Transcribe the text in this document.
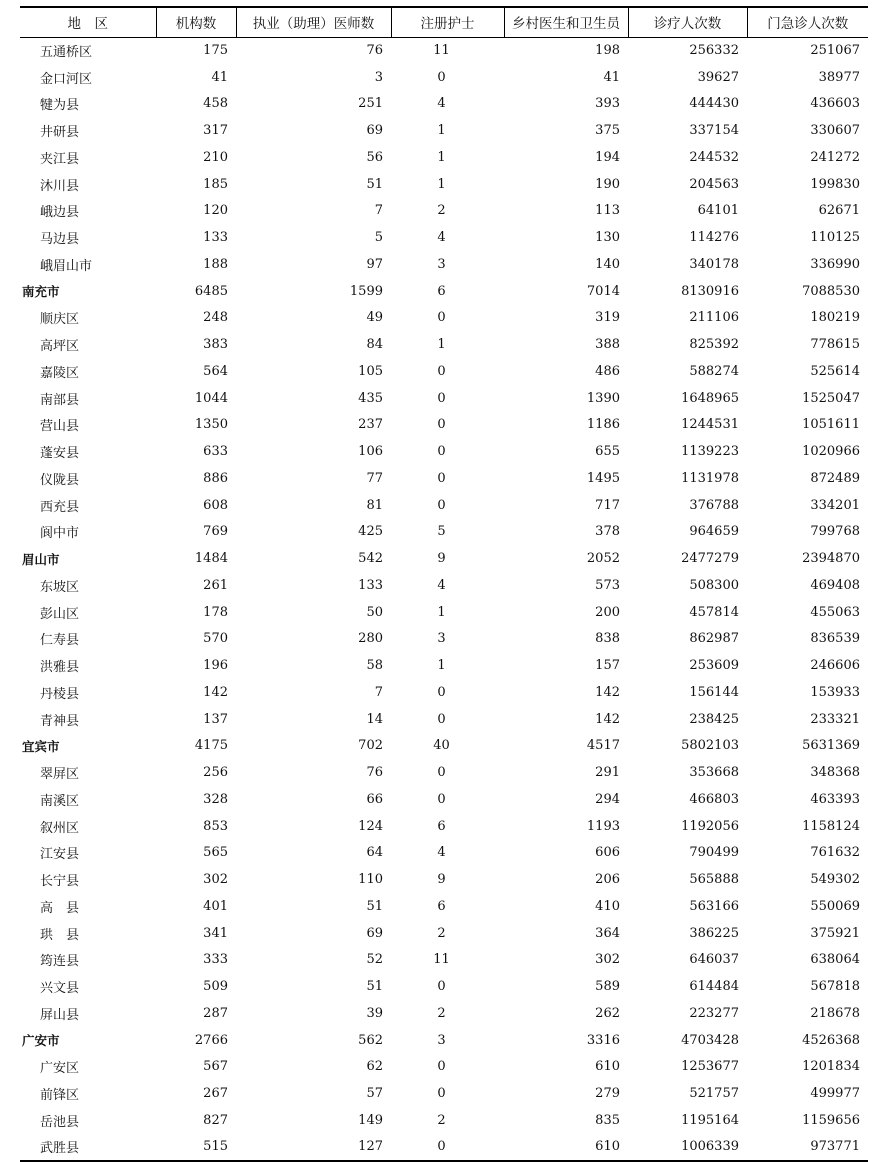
地　区	机构数	执业（助理）医师数	注册护士	乡村医生和卫生员	诊疗人次数	门急诊人次数
五通桥区	175	76	11	198	256332	251067
金口河区	41	3	0	41	39627	38977
犍为县	458	251	4	393	444430	436603
井研县	317	69	1	375	337154	330607
夹江县	210	56	1	194	244532	241272
沐川县	185	51	1	190	204563	199830
峨边县	120	7	2	113	64101	62671
马边县	133	5	4	130	114276	110125
峨眉山市	188	97	3	140	340178	336990
南充市	6485	1599	6	7014	8130916	7088530
顺庆区	248	49	0	319	211106	180219
高坪区	383	84	1	388	825392	778615
嘉陵区	564	105	0	486	588274	525614
南部县	1044	435	0	1390	1648965	1525047
营山县	1350	237	0	1186	1244531	1051611
蓬安县	633	106	0	655	1139223	1020966
仪陇县	886	77	0	1495	1131978	872489
西充县	608	81	0	717	376788	334201
阆中市	769	425	5	378	964659	799768
眉山市	1484	542	9	2052	2477279	2394870
东坡区	261	133	4	573	508300	469408
彭山区	178	50	1	200	457814	455063
仁寿县	570	280	3	838	862987	836539
洪雅县	196	58	1	157	253609	246606
丹棱县	142	7	0	142	156144	153933
青神县	137	14	0	142	238425	233321
宜宾市	4175	702	40	4517	5802103	5631369
翠屏区	256	76	0	291	353668	348368
南溪区	328	66	0	294	466803	463393
叙州区	853	124	6	1193	1192056	1158124
江安县	565	64	4	606	790499	761632
长宁县	302	110	9	206	565888	549302
高　县	401	51	6	410	563166	550069
珙　县	341	69	2	364	386225	375921
筠连县	333	52	11	302	646037	638064
兴文县	509	51	0	589	614484	567818
屏山县	287	39	2	262	223277	218678
广安市	2766	562	3	3316	4703428	4526368
广安区	567	62	0	610	1253677	1201834
前锋区	267	57	0	279	521757	499977
岳池县	827	149	2	835	1195164	1159656
武胜县	515	127	0	610	1006339	973771
